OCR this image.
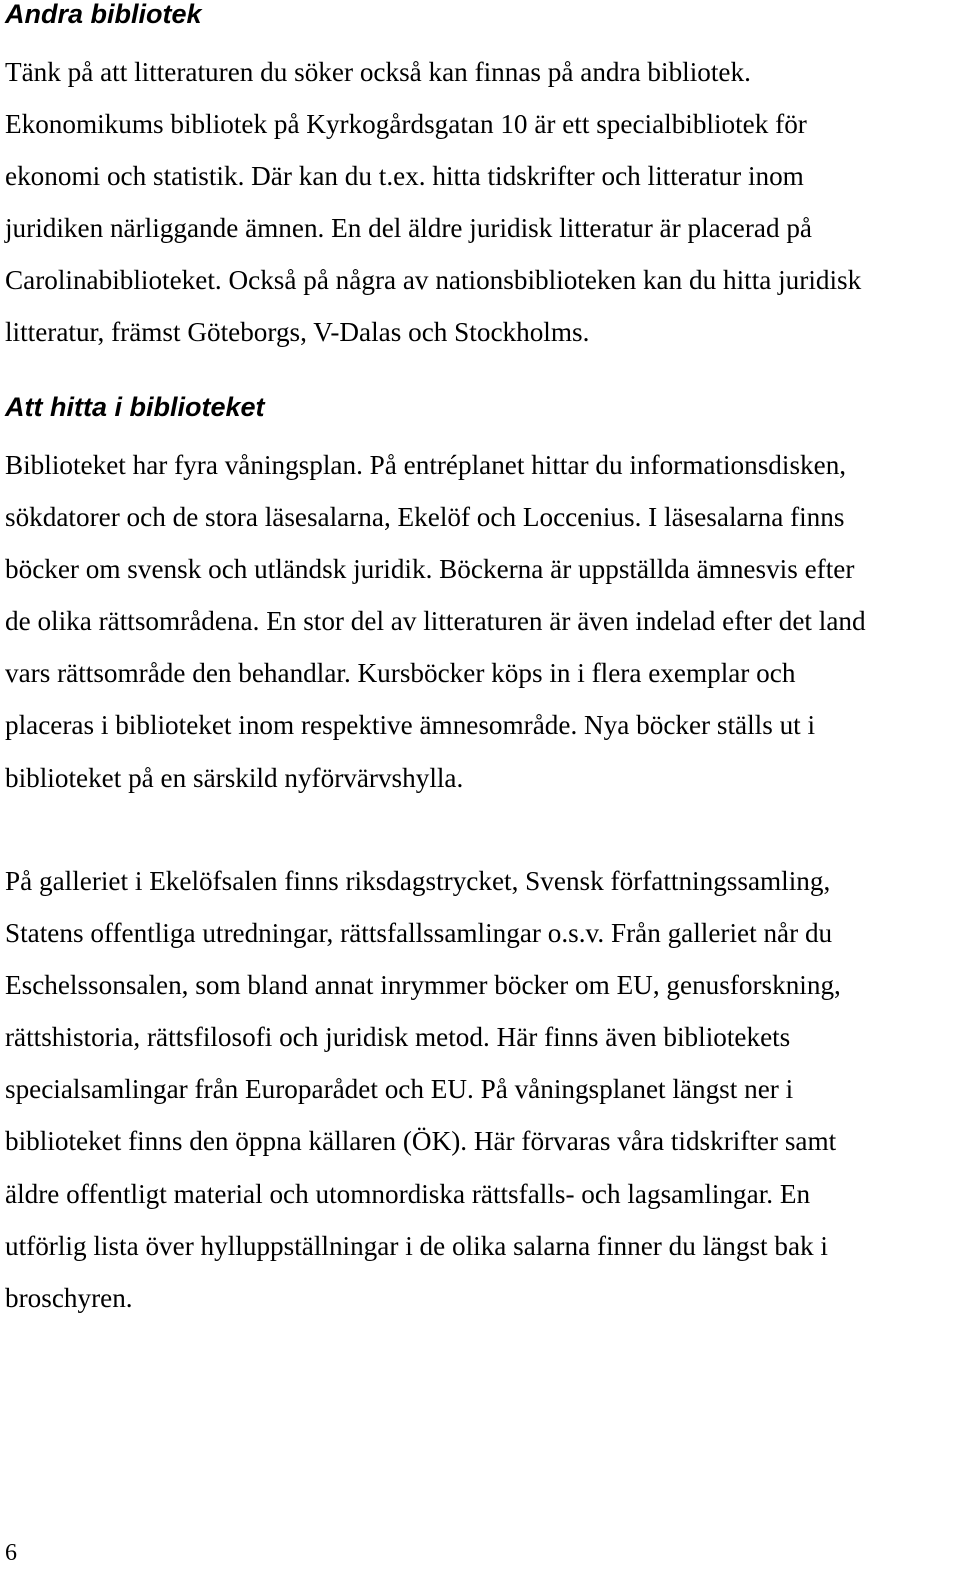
Andra bibliotek

Tänk på att litteraturen du söker också kan finnas på andra bibliotek.
Ekonomikums bibliotek på Kyrkogårdsgatan 10 är ett specialbibliotek för
ekonomi och statistik. Där kan du t.ex. hitta tidskrifter och litteratur inom
juridiken närliggande ämnen. En del äldre juridisk litteratur är placerad på
Carolinabiblioteket. Också på några av nationsbiblioteken kan du hitta juridisk
litteratur, främst Göteborgs, V-Dalas och Stockholms.

Att hitta i biblioteket

Biblioteket har fyra våningsplan. På entréplanet hittar du informationsdisken,
sökdatorer och de stora läsesalarna, Ekelöf och Loccenius. I läsesalarna finns
böcker om svensk och utländsk juridik. Böckerna är uppställda ämnesvis efter
de olika rättsområdena. En stor del av litteraturen är även indelad efter det land
vars rättsområde den behandlar. Kursböcker köps in i flera exemplar och
placeras i biblioteket inom respektive ämnesområde. Nya böcker ställs ut i
biblioteket på en särskild nyförvärvshylla.

På galleriet i Ekelöfsalen finns riksdagstrycket, Svensk författningssamling,
Statens offentliga utredningar, rättsfallssamlingar o.s.v. Från galleriet når du
Eschelssonsalen, som bland annat inrymmer böcker om EU, genusforskning,
rättshistoria, rättsfilosofi och juridisk metod. Här finns även bibliotekets
specialsamlingar från Europarådet och EU. På våningsplanet längst ner i
biblioteket finns den öppna källaren (ÖK). Här förvaras våra tidskrifter samt
äldre offentligt material och utomnordiska rättsfalls- och lagsamlingar. En
utförlig lista över hylluppställningar i de olika salarna finner du längst bak i
broschyren.

6
